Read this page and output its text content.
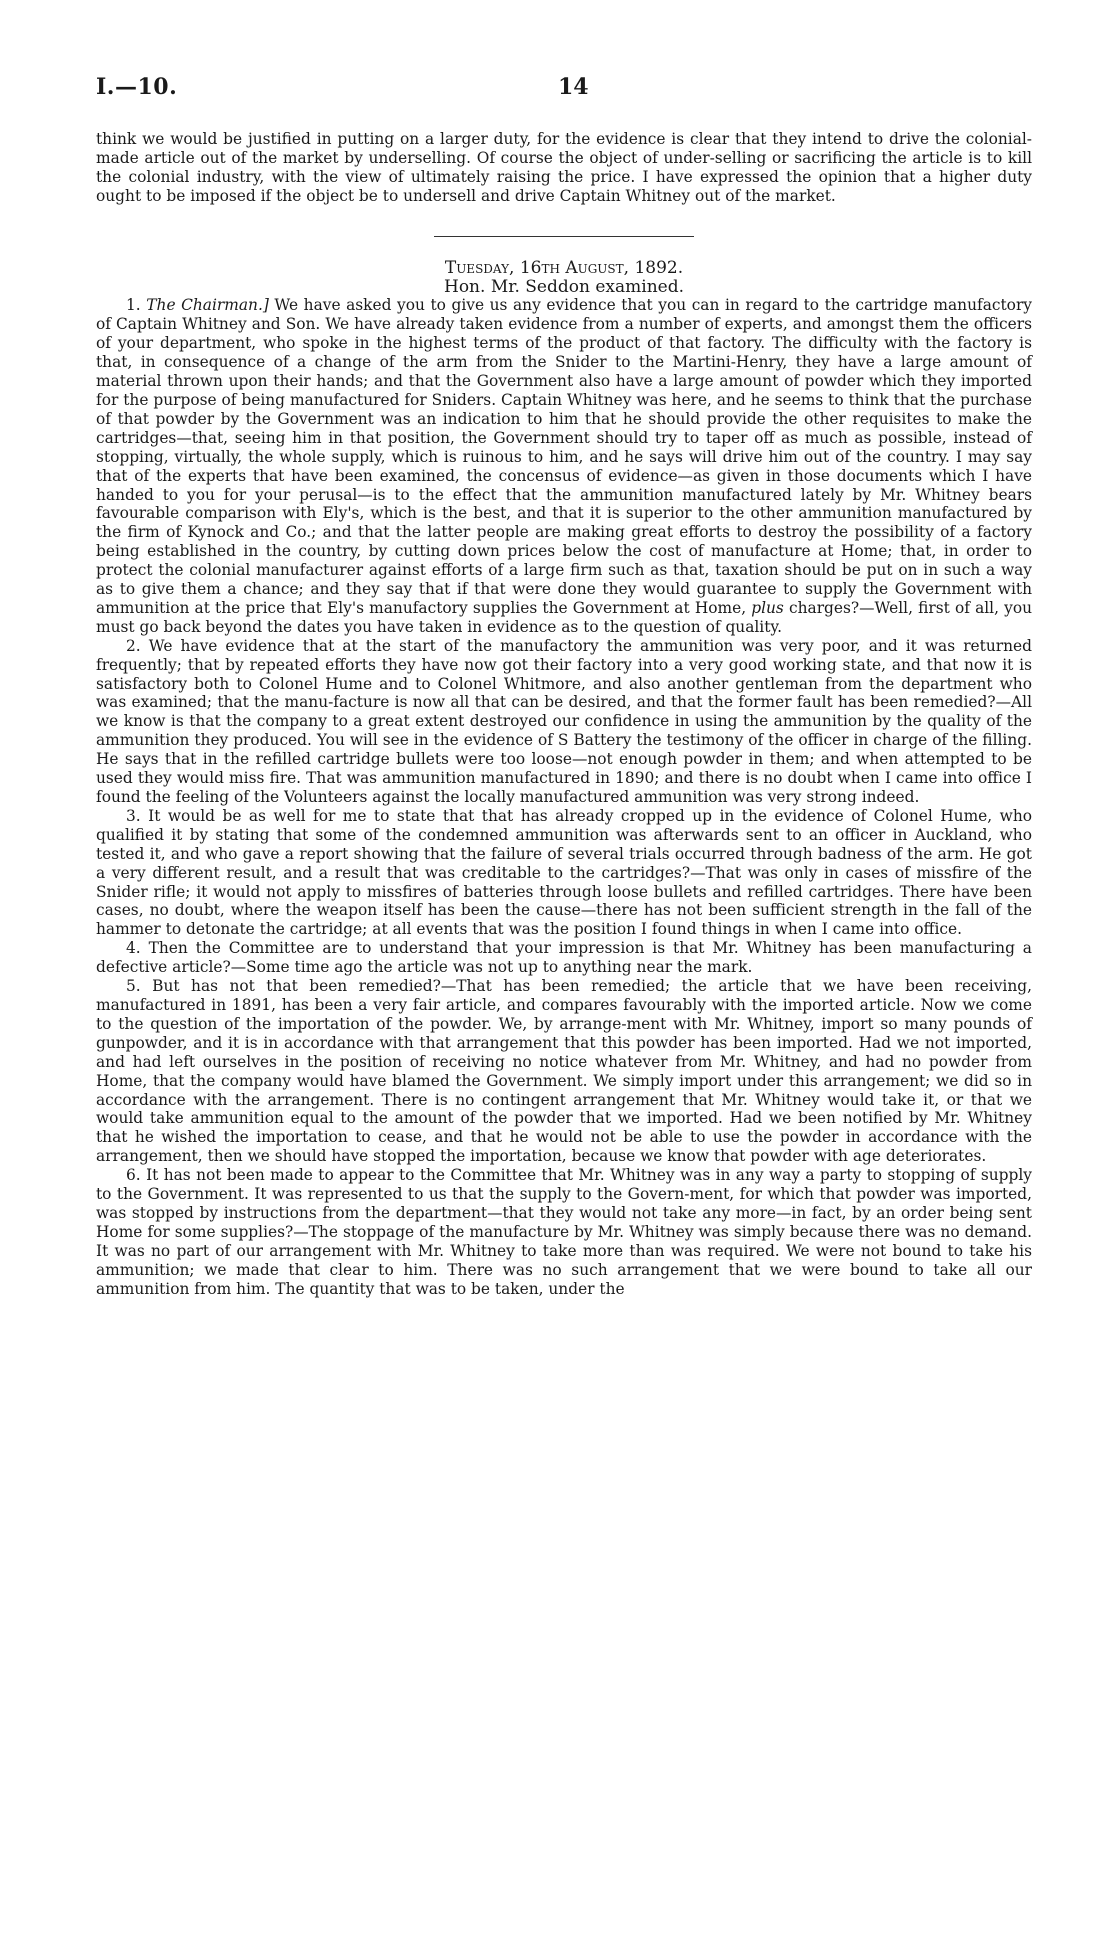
I.—10.	14

think we would be justified in putting on a larger duty, for the evidence is clear that they intend to drive the colonial-made article out of the market by underselling. Of course the object of under-selling or sacrificing the article is to kill the colonial industry, with the view of ultimately raising the price. I have expressed the opinion that a higher duty ought to be imposed if the object be to undersell and drive Captain Whitney out of the market.

Tuesday, 16th August, 1892.

Hon. Mr. Seddon examined.

1. The Chairman.] We have asked you to give us any evidence that you can in regard to the cartridge manufactory of Captain Whitney and Son. We have already taken evidence from a number of experts, and amongst them the officers of your department, who spoke in the highest terms of the product of that factory. The difficulty with the factory is that, in consequence of a change of the arm from the Snider to the Martini-Henry, they have a large amount of material thrown upon their hands; and that the Government also have a large amount of powder which they imported for the purpose of being manufactured for Sniders. Captain Whitney was here, and he seems to think that the purchase of that powder by the Government was an indication to him that he should provide the other requisites to make the cartridges—that, seeing him in that position, the Government should try to taper off as much as possible, instead of stopping, virtually, the whole supply, which is ruinous to him, and he says will drive him out of the country. I may say that of the experts that have been examined, the concensus of evidence—as given in those documents which I have handed to you for your perusal—is to the effect that the ammunition manufactured lately by Mr. Whitney bears favourable comparison with Ely's, which is the best, and that it is superior to the other ammunition manufactured by the firm of Kynock and Co.; and that the latter people are making great efforts to destroy the possibility of a factory being established in the country, by cutting down prices below the cost of manufacture at Home; that, in order to protect the colonial manufacturer against efforts of a large firm such as that, taxation should be put on in such a way as to give them a chance; and they say that if that were done they would guarantee to supply the Government with ammunition at the price that Ely's manufactory supplies the Government at Home, plus charges?—Well, first of all, you must go back beyond the dates you have taken in evidence as to the question of quality.

2. We have evidence that at the start of the manufactory the ammunition was very poor, and it was returned frequently; that by repeated efforts they have now got their factory into a very good working state, and that now it is satisfactory both to Colonel Hume and to Colonel Whitmore, and also another gentleman from the department who was examined; that the manu-facture is now all that can be desired, and that the former fault has been remedied?—All we know is that the company to a great extent destroyed our confidence in using the ammunition by the quality of the ammunition they produced. You will see in the evidence of S Battery the testimony of the officer in charge of the filling. He says that in the refilled cartridge bullets were too loose—not enough powder in them; and when attempted to be used they would miss fire. That was ammunition manufactured in 1890; and there is no doubt when I came into office I found the feeling of the Volunteers against the locally manufactured ammunition was very strong indeed.

3. It would be as well for me to state that that has already cropped up in the evidence of Colonel Hume, who qualified it by stating that some of the condemned ammunition was afterwards sent to an officer in Auckland, who tested it, and who gave a report showing that the failure of several trials occurred through badness of the arm. He got a very different result, and a result that was creditable to the cartridges?—That was only in cases of missfire of the Snider rifle; it would not apply to missfires of batteries through loose bullets and refilled cartridges. There have been cases, no doubt, where the weapon itself has been the cause—there has not been sufficient strength in the fall of the hammer to detonate the cartridge; at all events that was the position I found things in when I came into office.

4. Then the Committee are to understand that your impression is that Mr. Whitney has been manufacturing a defective article?—Some time ago the article was not up to anything near the mark.

5. But has not that been remedied?—That has been remedied; the article that we have been receiving, manufactured in 1891, has been a very fair article, and compares favourably with the imported article. Now we come to the question of the importation of the powder. We, by arrange-ment with Mr. Whitney, import so many pounds of gunpowder, and it is in accordance with that arrangement that this powder has been imported. Had we not imported, and had left ourselves in the position of receiving no notice whatever from Mr. Whitney, and had no powder from Home, that the company would have blamed the Government. We simply import under this arrangement; we did so in accordance with the arrangement. There is no contingent arrangement that Mr. Whitney would take it, or that we would take ammunition equal to the amount of the powder that we imported. Had we been notified by Mr. Whitney that he wished the importation to cease, and that he would not be able to use the powder in accordance with the arrangement, then we should have stopped the importation, because we know that powder with age deteriorates.

6. It has not been made to appear to the Committee that Mr. Whitney was in any way a party to stopping of supply to the Government. It was represented to us that the supply to the Govern-ment, for which that powder was imported, was stopped by instructions from the department—that they would not take any more—in fact, by an order being sent Home for some supplies?—The stoppage of the manufacture by Mr. Whitney was simply because there was no demand. It was no part of our arrangement with Mr. Whitney to take more than was required. We were not bound to take his ammunition; we made that clear to him. There was no such arrangement that we were bound to take all our ammunition from him. The quantity that was to be taken, under the
